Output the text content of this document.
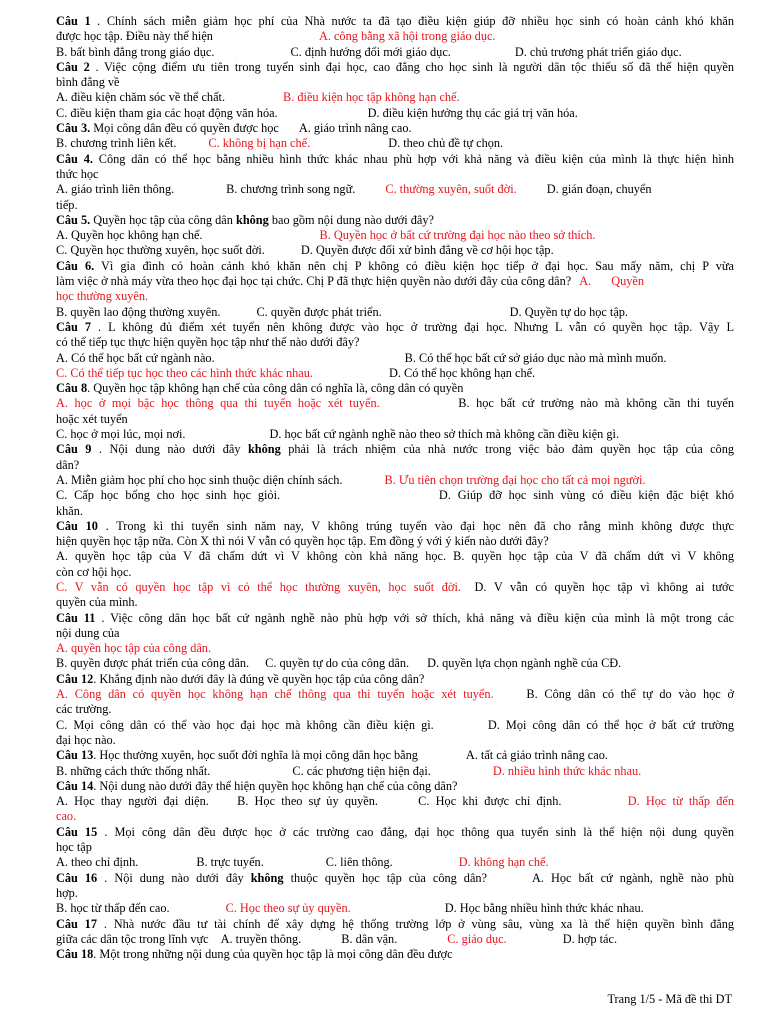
Câu 1 . Chính sách miễn giảm học phí của Nhà nước ta đã tạo điều kiện giúp đỡ nhiều học sinh có hoàn cảnh khó khăn
được học tập. Điều này thể hiện	A. công bằng xã hội trong giáo dục.
B. bất bình đẳng trong giáo dục.	C. định hướng đổi mới giáo dục.	D. chủ trương phát triển giáo dục.
Câu 2 . Việc cộng điểm ưu tiên trong tuyển sinh đại học, cao đẳng cho học sinh là người dân tộc thiểu số đã thể hiện quyền
bình đẳng về
A. điều kiện chăm sóc về thể chất.	B. điều kiện học tập không hạn chế.
C. điều kiện tham gia các hoạt động văn hóa.	D. điều kiện hưởng thụ các giá trị văn hóa.
Câu 3. Mọi công dân đều có quyền được học A. giáo trình nâng cao.
B. chương trình liên kết.	C. không bị hạn chế.	D. theo chủ đề tự chọn.
Câu 4. Công dân có thể học bằng nhiều hình thức khác nhau phù hợp với khả năng và điều kiện của mình là thực hiện hình
thức học
A. giáo trình liên thông.	B. chương trình song ngữ. C. thường xuyên, suốt đời. D. gián đoạn, chuyển
tiếp.
Câu 5. Quyền học tập của công dân không bao gồm nội dung nào dưới đây?
A. Quyền học không hạn chế.	B. Quyền học ở bất cứ trường đại học nào theo sở thích.
C. Quyền học thường xuyên, học suốt đời.	D. Quyền được đối xử bình đẳng về cơ hội học tập.
Câu 6. Vì gia đình có hoàn cảnh khó khăn nên chị P không có điều kiện học tiếp ở đại học. Sau mấy năm, chị P vừa
làm việc ở nhà máy vừa theo học đại học tại chức. Chị P đã thực hiện quyền nào dưới đây của công dân? A. Quyền
học thường xuyên.
B. quyền lao động thường xuyên.	C. quyền được phát triển.	D. Quyền tự do học tập.
Câu 7 . L không đủ điểm xét tuyển nên không được vào học ở trường đại học. Nhưng L vẫn có quyền học tập. Vậy L
có thể tiếp tục thực hiện quyền học tập như thế nào dưới đây?
A. Có thể học bất cứ ngành nào.	B. Có thể học bất cứ sở giáo dục nào mà mình muốn.
C. Có thể tiếp tục học theo các hình thức khác nhau.	D. Có thể học không hạn chế.
Câu 8. Quyền học tập không hạn chế của công dân có nghĩa là, công dân có quyền
A. học ở mọi bậc học thông qua thi tuyển hoặc xét tuyển.	B. học bất cứ trường nào mà không cần thi tuyển
hoặc xét tuyển
C. học ở mọi lúc, mọi nơi.	D. học bất cứ ngành nghề nào theo sở thích mà không cần điều kiện gì.
Câu 9 . Nội dung nào dưới đây không phải là trách nhiệm của nhà nước trong việc bảo đảm quyền học tập của công
dân?
A. Miễn giảm học phí cho học sinh thuộc diện chính sách.	B. Ưu tiên chọn trường đại học cho tất cả mọi người.
C. Cấp học bổng cho học sinh học giỏi.	D. Giúp đỡ học sinh vùng có điều kiện đặc biệt khó
khăn.
Câu 10 . Trong kì thi tuyển sinh năm nay, V không trúng tuyển vào đại học nên đã cho rằng mình không được thực
hiện quyền học tập nữa. Còn X thì nói V vẫn có quyền học tập. Em đồng ý với ý kiến nào dưới đây?
A. quyền học tập của V đã chấm dứt vì V không còn khả năng học. B. quyền học tập của V đã chấm dứt vì V không
còn cơ hội học.
C. V vẫn có quyền học tập vì có thể học thường xuyên, học suốt đời. D. V vẫn có quyền học tập vì không ai tước
quyền của mình.
Câu 11 . Việc công dân học bất cứ ngành nghề nào phù hợp với sở thích, khả năng và điều kiện của mình là một trong các
nội dung của
A. quyền học tập của công dân.
B. quyền được phát triển của công dân. C. quyền tự do của công dân. D. quyền lựa chọn ngành nghề của CĐ.
Câu 12. Khẳng định nào dưới đây là đúng về quyền học tập của công dân?
A. Công dân có quyền học không hạn chế thông qua thi tuyển hoặc xét tuyển.	B. Công dân có thể tự do vào học ở
các trường.
C. Mọi công dân có thể vào học đại học mà không cần điều kiện gì.	D. Mọi công dân có thể học ở bất cứ trường
đại học nào.
Câu 13. Học thường xuyên, học suốt đời nghĩa là mọi công dân học bằng	A. tất cả giáo trình nâng cao.
B. những cách thức thống nhất.	C. các phương tiện hiện đại.	D. nhiều hình thức khác nhau.
Câu 14. Nội dung nào dưới đây thể hiện quyền học không hạn chế của công dân?
A. Học thay người đại diện. B. Học theo sự ủy quyền.	C. Học khi được chỉ định.	D. Học từ thấp đến
cao.
Câu 15 . Mọi công dân đều được học ở các trường cao đẳng, đại học thông qua tuyển sinh là thể hiện nội dung quyền
học tập
A. theo chỉ định.	B. trực tuyến.	C. liên thông.	D. không hạn chế.
Câu 16 . Nội dung nào dưới đây không thuộc quyền học tập của công dân?	A. Học bất cứ ngành, nghề nào phù
hợp.
B. học từ thấp đến cao.	C. Học theo sự ủy quyền.	D. Học bằng nhiều hình thức khác nhau.
Câu 17 . Nhà nước đầu tư tài chính để xây dựng hệ thống trường lớp ở vùng sâu, vùng xa là thể hiện quyền bình đẳng
giữa các dân tộc trong lĩnh vực A. truyền thông.	B. dân vận.	C. giáo dục.	D. hợp tác.
Câu 18. Một trong những nội dung của quyền học tập là mọi công dân đều được
Trang 1/5 - Mã đề thi DT
